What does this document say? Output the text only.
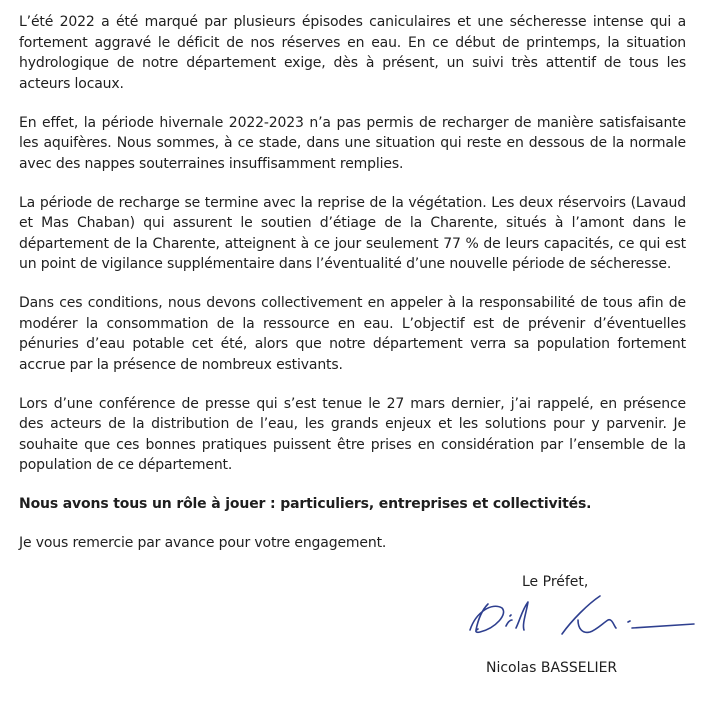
L’été 2022 a été marqué par plusieurs épisodes caniculaires et une sécheresse intense qui a fortement aggravé le déficit de nos réserves en eau. En ce début de printemps, la situation hydrologique de notre département exige, dès à présent, un suivi très attentif de tous les acteurs locaux.

En effet, la période hivernale 2022-2023 n’a pas permis de recharger de manière satisfaisante les aquifères. Nous sommes, à ce stade, dans une situation qui reste en dessous de la normale avec des nappes souterraines insuffisamment remplies.

La période de recharge se termine avec la reprise de la végétation. Les deux réservoirs (Lavaud et Mas Chaban) qui assurent le soutien d’étiage de la Charente, situés à l’amont dans le département de la Charente, atteignent à ce jour seulement 77 % de leurs capacités, ce qui est un point de vigilance supplémentaire dans l’éventualité d’une nouvelle période de sécheresse.

Dans ces conditions, nous devons collectivement en appeler à la responsabilité de tous afin de modérer la consommation de la ressource en eau. L’objectif est de prévenir d’éventuelles pénuries d’eau potable cet été, alors que notre département verra sa population fortement accrue par la présence de nombreux estivants.

Lors d’une conférence de presse qui s’est tenue le 27 mars dernier, j’ai rappelé, en présence des acteurs de la distribution de l’eau, les grands enjeux et les solutions pour y parvenir. Je souhaite que ces bonnes pratiques puissent être prises en considération par l’ensemble de la population de ce département.

Nous avons tous un rôle à jouer : particuliers, entreprises et collectivités.

Je vous remercie par avance pour votre engagement.

Le Préfet,
Nicolas BASSELIER
